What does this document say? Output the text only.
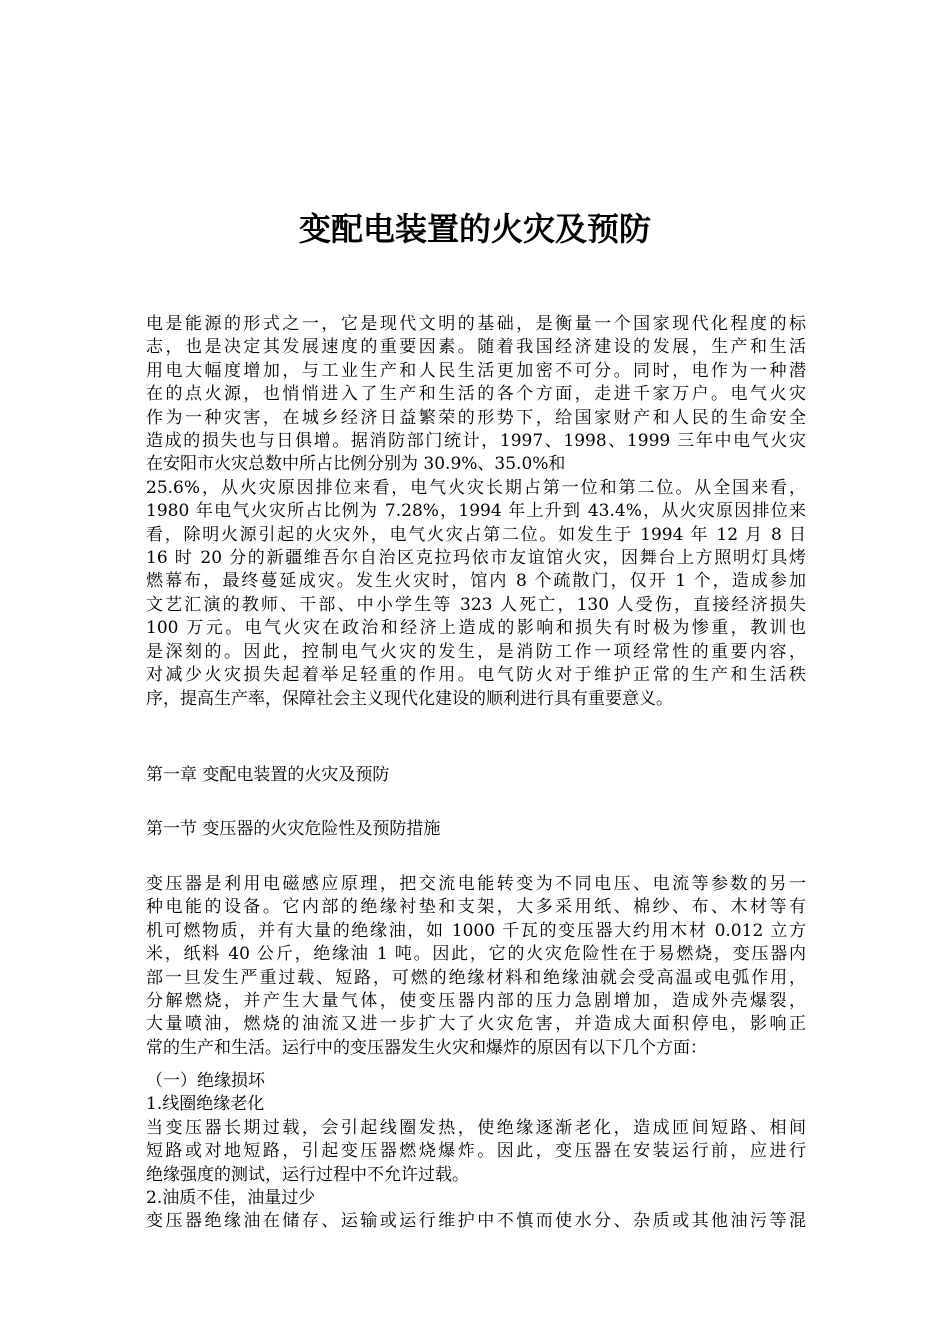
变配电装置的火灾及预防
电是能源的形式之一，它是现代文明的基础，是衡量一个国家现代化程度的标
志，也是决定其发展速度的重要因素。随着我国经济建设的发展，生产和生活
用电大幅度增加，与工业生产和人民生活更加密不可分。同时，电作为一种潜
在的点火源，也悄悄进入了生产和生活的各个方面，走进千家万户。电气火灾
作为一种灾害，在城乡经济日益繁荣的形势下，给国家财产和人民的生命安全
造成的损失也与日俱增。据消防部门统计，1997、1998、1999 三年中电气火灾
在安阳市火灾总数中所占比例分别为 30.9%、35.0%和
25.6%，从火灾原因排位来看，电气火灾长期占第一位和第二位。从全国来看，
1980 年电气火灾所占比例为 7.28%，1994 年上升到 43.4%，从火灾原因排位来
看，除明火源引起的火灾外，电气火灾占第二位。如发生于 1994 年 12 月 8 日
16 时 20 分的新疆维吾尔自治区克拉玛依市友谊馆火灾，因舞台上方照明灯具烤
燃幕布，最终蔓延成灾。发生火灾时，馆内 8 个疏散门，仅开 1 个，造成参加
文艺汇演的教师、干部、中小学生等 323 人死亡，130 人受伤，直接经济损失
100 万元。电气火灾在政治和经济上造成的影响和损失有时极为惨重，教训也
是深刻的。因此，控制电气火灾的发生，是消防工作一项经常性的重要内容，
对减少火灾损失起着举足轻重的作用。电气防火对于维护正常的生产和生活秩
序，提高生产率，保障社会主义现代化建设的顺利进行具有重要意义。

第一章 变配电装置的火灾及预防

第一节 变压器的火灾危险性及预防措施

变压器是利用电磁感应原理，把交流电能转变为不同电压、电流等参数的另一
种电能的设备。它内部的绝缘衬垫和支架，大多采用纸、棉纱、布、木材等有
机可燃物质，并有大量的绝缘油，如 1000 千瓦的变压器大约用木材 0.012 立方
米，纸料 40 公斤，绝缘油 1 吨。因此，它的火灾危险性在于易燃烧，变压器内
部一旦发生严重过载、短路，可燃的绝缘材料和绝缘油就会受高温或电弧作用，
分解燃烧，并产生大量气体，使变压器内部的压力急剧增加，造成外壳爆裂，
大量喷油，燃烧的油流又进一步扩大了火灾危害，并造成大面积停电，影响正
常的生产和生活。运行中的变压器发生火灾和爆炸的原因有以下几个方面：
（一）绝缘损坏
1.线圈绝缘老化
当变压器长期过载，会引起线圈发热，使绝缘逐渐老化，造成匝间短路、相间
短路或对地短路，引起变压器燃烧爆炸。因此，变压器在安装运行前，应进行
绝缘强度的测试，运行过程中不允许过载。
2.油质不佳，油量过少
变压器绝缘油在储存、运输或运行维护中不慎而使水分、杂质或其他油污等混
